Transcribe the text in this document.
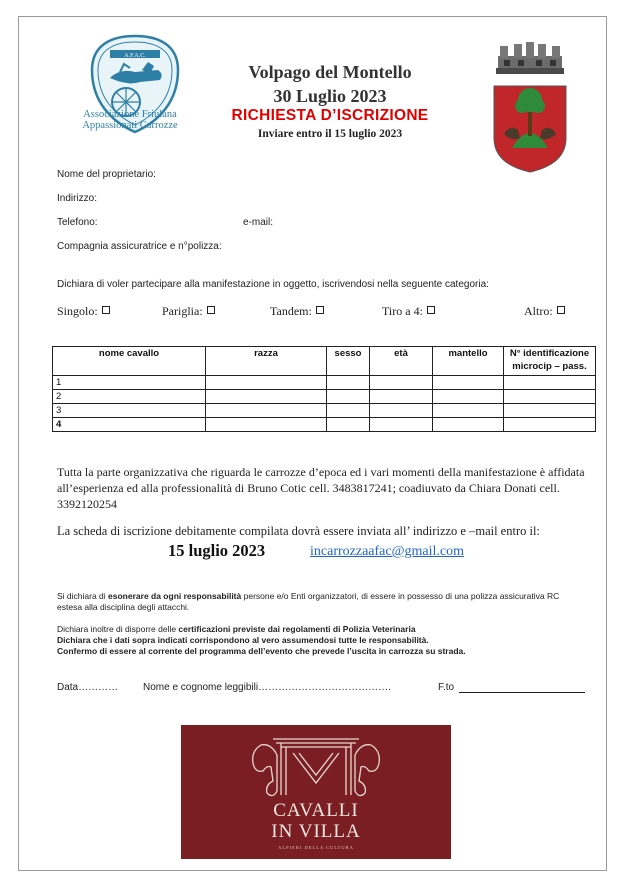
A.F.A.C.
Associazione Friulana
Appassionati Carrozze
Volpago del Montello
30 Luglio 2023
RICHIESTA D’ISCRIZIONE
Inviare entro il 15 luglio 2023
Nome del proprietario:
Indirizzo:
Telefono:	e-mail:
Compagnia assicuratrice e n°polizza:
Dichiara di voler partecipare alla manifestazione in oggetto, iscrivendosi nella seguente categoria:
Singolo:	Pariglia:	Tandem:	Tiro a 4:	Altro:
nome cavallo	razza	sesso	età	mantello	N° identificazione
microcip – pass.
1					
2					
3					
4					
Tutta la parte organizzativa che riguarda le carrozze d’epoca ed i vari momenti della manifestazione è affidata all’esperienza ed alla professionalità di Bruno Cotic cell. 3483817241; coadiuvato da Chiara Donati cell. 3392120254
La scheda di iscrizione debitamente compilata dovrà essere inviata all’ indirizzo e –mail entro il:
15 luglio 2023	incarrozzaafac@gmail.com
Si dichiara di esonerare da ogni responsabilità persone e/o Enti organizzatori, di essere in possesso di una polizza assicurativa RC estesa alla disciplina degli attacchi.
Dichiara inoltre di disporre delle certificazioni previste dai regolamenti di Polizia Veterinaria
Dichiara che i dati sopra indicati corrispondono al vero assumendosi tutte le responsabilità.
Confermo di essere al corrente del programma dell’evento che prevede l’uscita in carrozza su strada.
Data………… Nome e cognome leggibili………………………………….	F.to
CAVALLI
IN VILLA
ALFIERI DELLA CULTURA
